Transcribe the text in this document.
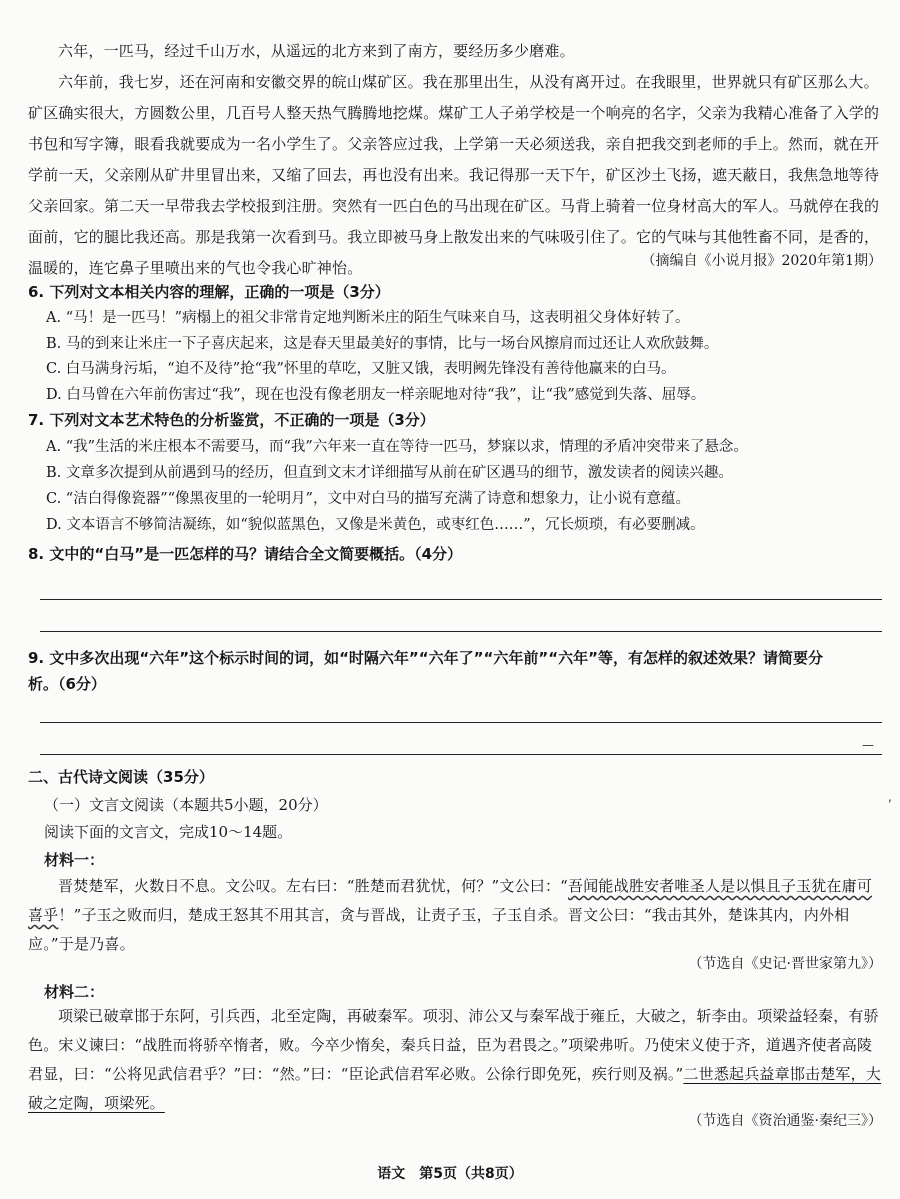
六年，一匹马，经过千山万水，从遥远的北方来到了南方，要经历多少磨难。
六年前，我七岁，还在河南和安徽交界的皖山煤矿区。我在那里出生，从没有离开过。在我眼里，世界就只有矿区那么大。矿区确实很大，方圆数公里，几百号人整天热气腾腾地挖煤。煤矿工人子弟学校是一个响亮的名字，父亲为我精心准备了入学的书包和写字簿，眼看我就要成为一名小学生了。父亲答应过我，上学第一天必须送我，亲自把我交到老师的手上。然而，就在开学前一天，父亲刚从矿井里冒出来，又缩了回去，再也没有出来。我记得那一天下午，矿区沙土飞扬，遮天蔽日，我焦急地等待父亲回家。第二天一早带我去学校报到注册。突然有一匹白色的马出现在矿区。马背上骑着一位身材高大的军人。马就停在我的面前，它的腿比我还高。那是我第一次看到马。我立即被马身上散发出来的气味吸引住了。它的气味与其他牲畜不同，是香的，温暖的，连它鼻子里喷出来的气也令我心旷神怡。	（摘编自《小说月报》2020年第1期）
6. 下列对文本相关内容的理解，正确的一项是（3分）
A. “马！是一匹马！”病榻上的祖父非常肯定地判断米庄的陌生气味来自马，这表明祖父身体好转了。
B. 马的到来让米庄一下子喜庆起来，这是春天里最美好的事情，比与一场台风擦肩而过还让人欢欣鼓舞。
C. 白马满身污垢，“迫不及待”抢“我”怀里的草吃，又脏又饿，表明阙先锋没有善待他赢来的白马。
D. 白马曾在六年前伤害过“我”，现在也没有像老朋友一样亲昵地对待“我”，让“我”感觉到失落、屈辱。
7. 下列对文本艺术特色的分析鉴赏，不正确的一项是（3分）
A. “我”生活的米庄根本不需要马，而“我”六年来一直在等待一匹马，梦寐以求，情理的矛盾冲突带来了悬念。
B. 文章多次提到从前遇到马的经历，但直到文末才详细描写从前在矿区遇马的细节，激发读者的阅读兴趣。
C. “洁白得像瓷器”“像黑夜里的一轮明月”，文中对白马的描写充满了诗意和想象力，让小说有意蕴。
D. 文本语言不够简洁凝练，如“貌似蓝黑色，又像是米黄色，或枣红色……”，冗长烦琐，有必要删减。
8. 文中的“白马”是一匹怎样的马？请结合全文简要概括。（4分）
9. 文中多次出现“六年”这个标示时间的词，如“时隔六年”“六年了”“六年前”“六年”等，有怎样的叙述效果？请简要分
析。（6分）
二、古代诗文阅读（35分）
（一）文言文阅读（本题共5小题，20分）
阅读下面的文言文，完成10～14题。
材料一：
晋焚楚军，火数日不息。文公叹。左右曰：“胜楚而君犹忧，何？”文公曰：“吾闻能战胜安者唯圣人是以惧且子玉犹在庸可喜乎！”子玉之败而归，楚成王怒其不用其言，贪与晋战，让责子玉，子玉自杀。晋文公曰：“我击其外，楚诛其内，内外相应。”于是乃喜。
（节选自《史记·晋世家第九》）
材料二：
项梁已破章邯于东阿，引兵西，北至定陶，再破秦军。项羽、沛公又与秦军战于雍丘，大破之，斩李由。项梁益轻秦，有骄色。宋义谏曰：“战胜而将骄卒惰者，败。今卒少惰矣，秦兵日益，臣为君畏之。”项梁弗听。乃使宋义使于齐，道遇齐使者高陵君显，曰：“公将见武信君乎？”曰：“然。”曰：“臣论武信君军必败。公徐行即免死，疾行则及祸。”二世悉起兵益章邯击楚军，大破之定陶，项梁死。
（节选自《资治通鉴·秦纪三》）
语文　第5页（共8页）
—
,
